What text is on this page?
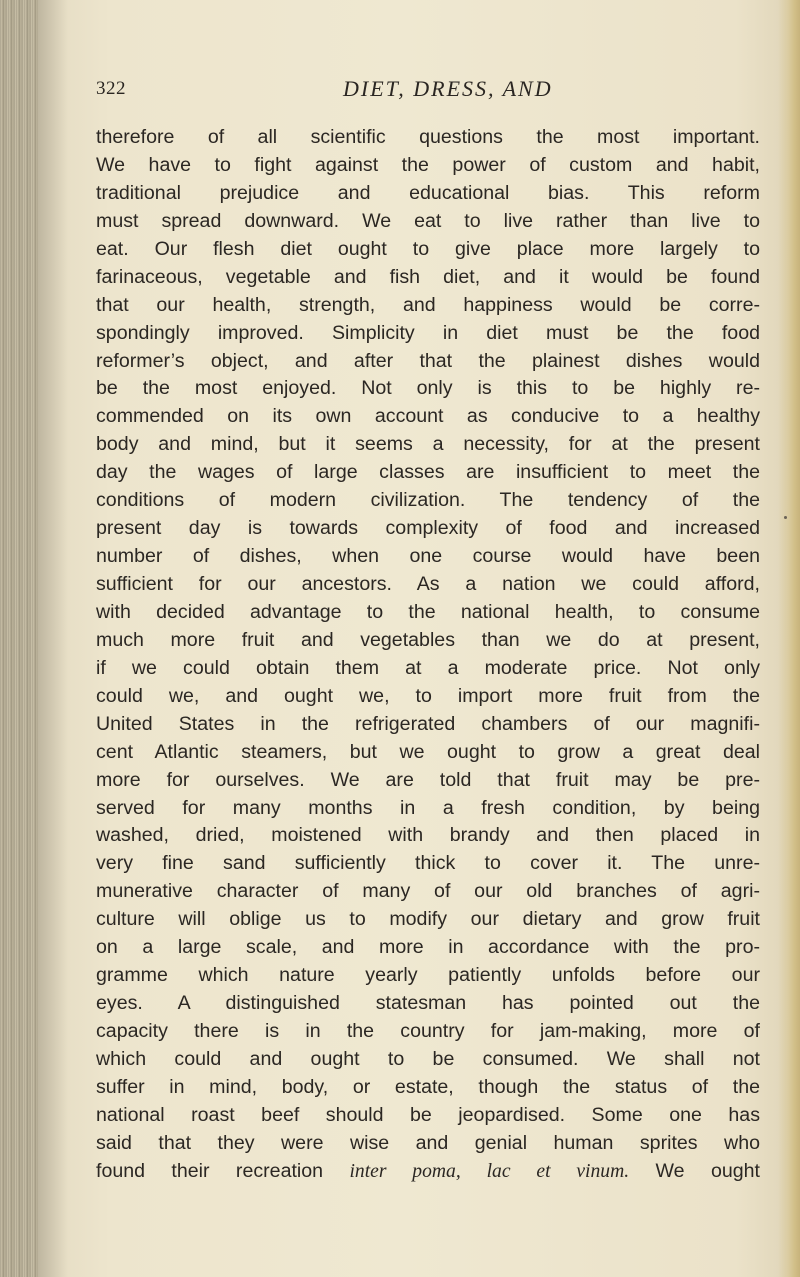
322	DIET, DRESS, AND
therefore of all scientific questions the most important.
We have to fight against the power of custom and habit,
traditional prejudice and educational bias. This reform
must spread downward. We eat to live rather than live to
eat. Our flesh diet ought to give place more largely to
farinaceous, vegetable and fish diet, and it would be found
that our health, strength, and happiness would be corre-
spondingly improved. Simplicity in diet must be the food
reformer’s object, and after that the plainest dishes would
be the most enjoyed. Not only is this to be highly re-
commended on its own account as conducive to a healthy
body and mind, but it seems a necessity, for at the present
day the wages of large classes are insufficient to meet the
conditions of modern civilization. The tendency of the
present day is towards complexity of food and increased
number of dishes, when one course would have been
sufficient for our ancestors. As a nation we could afford,
with decided advantage to the national health, to consume
much more fruit and vegetables than we do at present,
if we could obtain them at a moderate price. Not only
could we, and ought we, to import more fruit from the
United States in the refrigerated chambers of our magnifi-
cent Atlantic steamers, but we ought to grow a great deal
more for ourselves. We are told that fruit may be pre-
served for many months in a fresh condition, by being
washed, dried, moistened with brandy and then placed in
very fine sand sufficiently thick to cover it. The unre-
munerative character of many of our old branches of agri-
culture will oblige us to modify our dietary and grow fruit
on a large scale, and more in accordance with the pro-
gramme which nature yearly patiently unfolds before our
eyes. A distinguished statesman has pointed out the
capacity there is in the country for jam-making, more of
which could and ought to be consumed. We shall not
suffer in mind, body, or estate, though the status of the
national roast beef should be jeopardised. Some one has
said that they were wise and genial human sprites who
found their recreation inter poma, lac et vinum. We ought
